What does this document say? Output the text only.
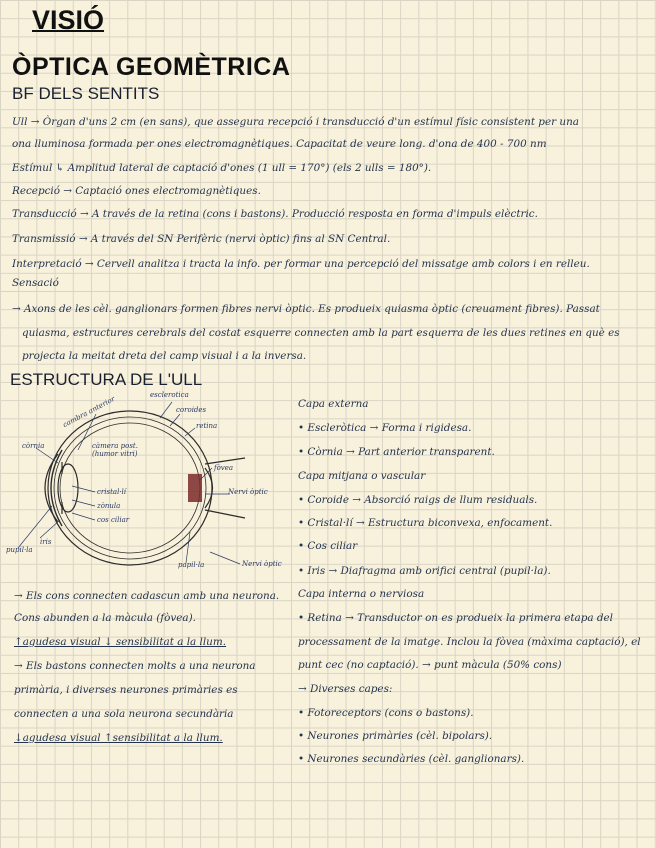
VISIÓ
ÒPTICA GEOMÈTRICA
BF DELS SENTITS
Ull → Òrgan d'uns 2 cm (en sans), que assegura recepció i transducció d'un estímul físic consistent per una
ona lluminosa formada per ones electromagnètiques. Capacitat de veure long. d'ona de 400 - 700 nm
Estímul ↳ Amplitud lateral de captació d'ones (1 ull = 170°) (els 2 ulls = 180°).
Recepció → Captació ones electromagnètiques.
Transducció → A través de la retina (cons i bastons). Producció resposta en forma d'impuls elèctric.
Transmissió → A través del SN Perifèric (nervi òptic) fins al SN Central.
Interpretació → Cervell analitza i tracta la info. per formar una percepció del missatge amb colors i en relleu.
Sensació
→ Axons de les cèl. ganglionars formen fibres nervi òptic. Es produeix quiasma òptic (creuament fibres). Passat
quiasma, estructures cerebrals del costat esquerre connecten amb la part esquerra de les dues retines en què es
projecta la meitat dreta del camp visual i a la inversa.
ESTRUCTURA DE L'ULL
esclerotica
coroides
retina
cambra anterior
càmera post. (humor vitri)
còrnia
fòvea
Nervi òptic
cristal·lí
zònula
cos ciliar
iris
pupil·la
papil·la	Nervi òptic
Capa externa
• Escleròtica → Forma i rigidesa.
• Còrnia → Part anterior transparent.
Capa mitjana o vascular
• Coroide → Absorció raigs de llum residuals.
• Cristal·lí → Estructura biconvexa, enfocament.
• Cos ciliar
• Iris → Diafragma amb orifici central (pupil·la).
Capa interna o nerviosa
• Retina → Transductor on es produeix la primera etapa del
processament de la imatge. Inclou la fòvea (màxima captació), el
punt cec (no captació). → punt màcula (50% cons)
→ Diverses capes:
• Fotoreceptors (cons o bastons).
• Neurones primàries (cèl. bipolars).
• Neurones secundàries (cèl. ganglionars).
→ Els cons connecten cadascun amb una neurona.
Cons abunden a la màcula (fòvea).
↑agudesa visual ↓ sensibilitat a la llum.
→ Els bastons connecten molts a una neurona
primària, i diverses neurones primàries es
connecten a una sola neurona secundària
↓agudesa visual ↑sensibilitat a la llum.
